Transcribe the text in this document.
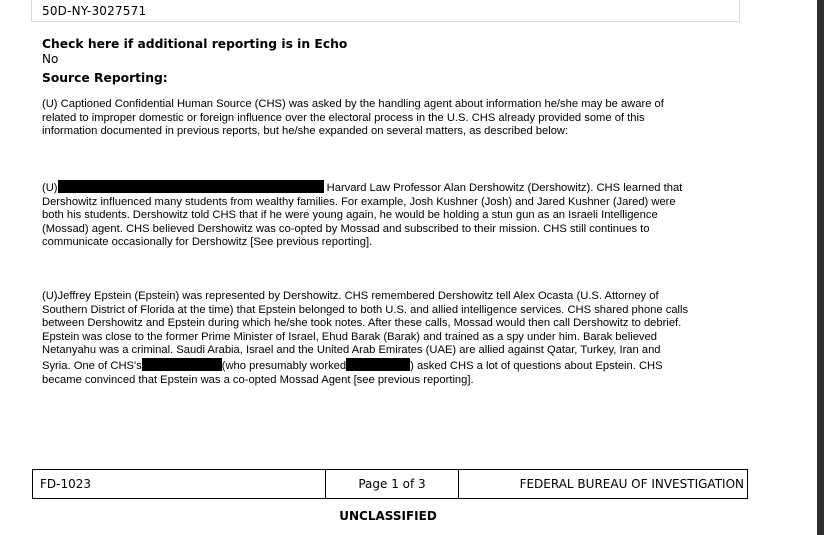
50D-NY-3027571
Check here if additional reporting is in Echo
No
Source Reporting:
(U) Captioned Confidential Human Source (CHS) was asked by the handling agent about information he/she may be aware of
related to improper domestic or foreign influence over the electoral process in the U.S. CHS already provided some of this
information documented in previous reports, but he/she expanded on several matters, as described below:
(U)	Harvard Law Professor Alan Dershowitz (Dershowitz). CHS learned that
Dershowitz influenced many students from wealthy families. For example, Josh Kushner (Josh) and Jared Kushner (Jared) were
both his students. Dershowitz told CHS that if he were young again, he would be holding a stun gun as an Israeli Intelligence
(Mossad) agent. CHS believed Dershowitz was co-opted by Mossad and subscribed to their mission. CHS still continues to
communicate occasionally for Dershowitz [See previous reporting].
(U)Jeffrey Epstein (Epstein) was represented by Dershowitz. CHS remembered Dershowitz tell Alex Ocasta (U.S. Attorney of
Southern District of Florida at the time) that Epstein belonged to both U.S. and allied intelligence services. CHS shared phone calls
between Dershowitz and Epstein during which he/she took notes. After these calls, Mossad would then call Dershowitz to debrief.
Epstein was close to the former Prime Minister of Israel, Ehud Barak (Barak) and trained as a spy under him. Barak believed
Netanyahu was a criminal. Saudi Arabia, Israel and the United Arab Emirates (UAE) are allied against Qatar, Turkey, Iran and
Syria. One of CHS's	(who presumably worked	) asked CHS a lot of questions about Epstein. CHS
became convinced that Epstein was a co-opted Mossad Agent [see previous reporting].
FD-1023	Page 1 of 3	FEDERAL BUREAU OF INVESTIGATION
UNCLASSIFIED
